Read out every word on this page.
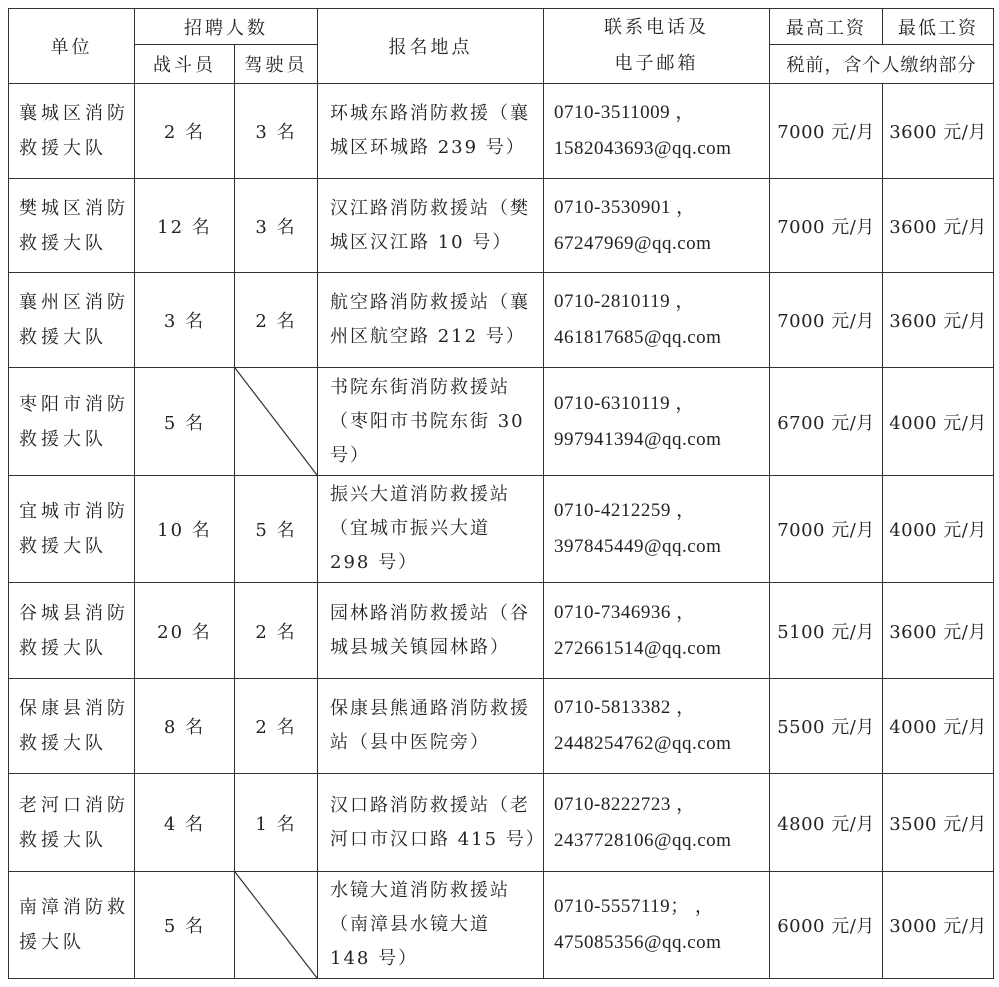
单位	招聘人数		报名地点	联系电话及
电子邮箱	最高工资	最低工资
	战斗员	驾驶员			税前，含个人缴纳部分	
襄城区消防救援大队	2 名	3 名	环城东路消防救援（襄城区环城路 239 号）	0710-3511009 ，
1582043693@qq.com	7000 元/月	3600 元/月
樊城区消防救援大队	12 名	3 名	汉江路消防救援站（樊城区汉江路 10 号）	0710-3530901 ，
67247969@qq.com	7000 元/月	3600 元/月
襄州区消防救援大队	3 名	2 名	航空路消防救援站（襄州区航空路 212 号）	0710-2810119 ，
461817685@qq.com	7000 元/月	3600 元/月
枣阳市消防救援大队	5 名		书院东街消防救援站（枣阳市书院东街 30 号）	0710-6310119 ，
997941394@qq.com	6700 元/月	4000 元/月
宜城市消防救援大队	10 名	5 名	振兴大道消防救援站（宜城市振兴大道 298 号）	0710-4212259 ，
397845449@qq.com	7000 元/月	4000 元/月
谷城县消防救援大队	20 名	2 名	园林路消防救援站（谷城县城关镇园林路）	0710-7346936 ，
272661514@qq.com	5100 元/月	3600 元/月
保康县消防救援大队	8 名	2 名	保康县熊通路消防救援站（县中医院旁）	0710-5813382 ，
2448254762@qq.com	5500 元/月	4000 元/月
老河口消防救援大队	4 名	1 名	汉口路消防救援站（老河口市汉口路 415 号）	0710-8222723 ，
2437728106@qq.com	4800 元/月	3500 元/月
南漳消防救援大队	5 名		水镜大道消防救援站（南漳县水镜大道 148 号）	0710-5557119； ，
475085356@qq.com	6000 元/月	3000 元/月
